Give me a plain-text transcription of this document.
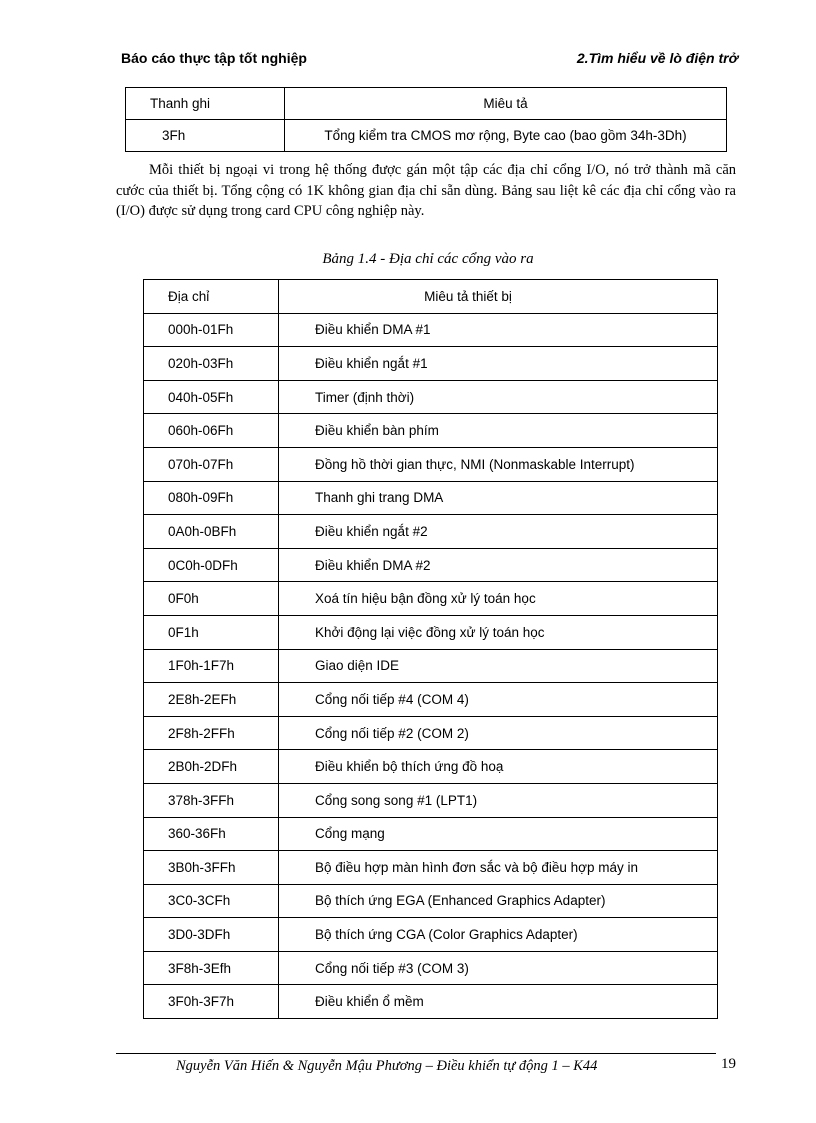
Báo cáo thực tập tốt nghiệp	2.Tìm hiểu về lò điện trở
Thanh ghi	Miêu tả
3Fh	Tổng kiểm tra CMOS mơ rộng, Byte cao (bao gồm 34h-3Dh)
Mỗi thiết bị ngoại vi trong hệ thống được gán một tập các địa chỉ cổng I/O, nó trở thành mã căn cước của thiết bị. Tổng cộng có 1K không gian địa chỉ sẵn dùng. Bảng sau liệt kê các địa chỉ cổng vào ra (I/O) được sử dụng trong card CPU công nghiệp này.
Bảng 1.4 - Địa chỉ các cổng vào ra
Địa chỉ	Miêu tả thiết bị
000h-01Fh	Điều khiển DMA #1
020h-03Fh	Điều khiển ngắt #1
040h-05Fh	Timer (định thời)
060h-06Fh	Điều khiển bàn phím
070h-07Fh	Đồng hồ thời gian thực, NMI (Nonmaskable Interrupt)
080h-09Fh	Thanh ghi trang DMA
0A0h-0BFh	Điều khiển ngắt #2
0C0h-0DFh	Điều khiển DMA #2
0F0h	Xoá tín hiệu bận đồng xử lý toán học
0F1h	Khởi động lại việc đồng xử lý toán học
1F0h-1F7h	Giao diện IDE
2E8h-2EFh	Cổng nối tiếp #4 (COM 4)
2F8h-2FFh	Cổng nối tiếp #2 (COM 2)
2B0h-2DFh	Điều khiển bộ thích ứng đồ hoạ
378h-3FFh	Cổng song song #1 (LPT1)
360-36Fh	Cổng mạng
3B0h-3FFh	Bộ điều hợp màn hình đơn sắc và bộ điều hợp máy in
3C0-3CFh	Bộ thích ứng EGA (Enhanced Graphics Adapter)
3D0-3DFh	Bộ thích ứng CGA (Color Graphics Adapter)
3F8h-3Efh	Cổng nối tiếp #3 (COM 3)
3F0h-3F7h	Điều khiển ổ mềm
Nguyễn Văn Hiến & Nguyễn Mậu Phương – Điều khiển tự động 1 – K44	19
